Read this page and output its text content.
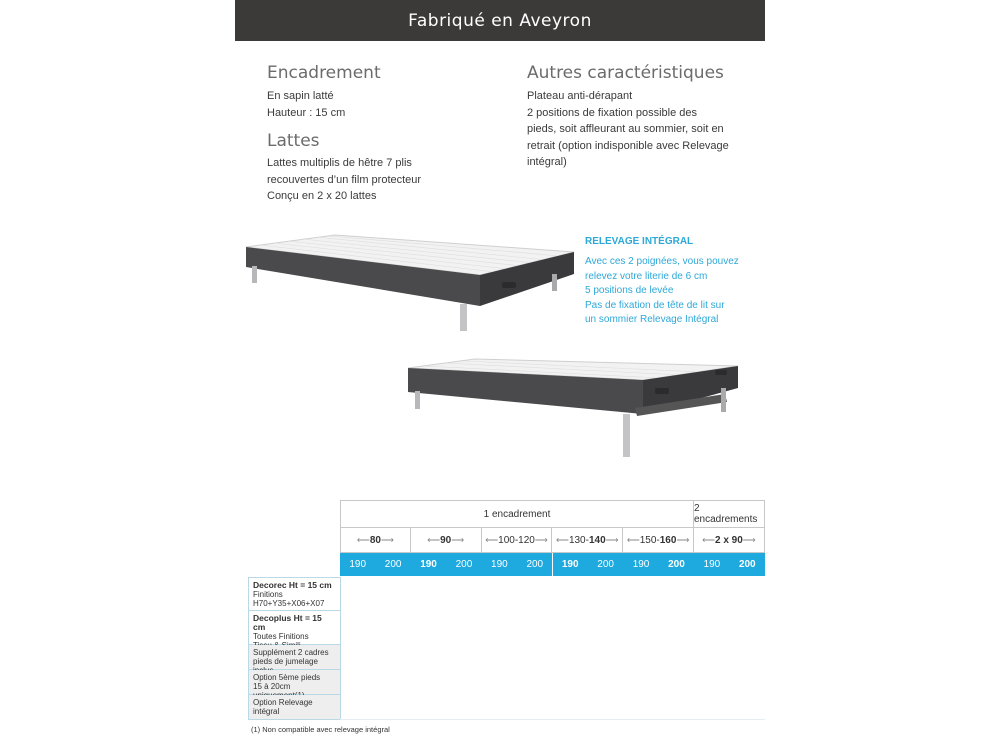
Fabriqué en Aveyron
Encadrement
En sapin latté
Hauteur : 15 cm
Lattes
Lattes multiplis de hêtre 7 plis
recouvertes d’un film protecteur
Conçu en 2 x 20 lattes
Autres caractéristiques
Plateau anti-dérapant
2 positions de fixation possible des
pieds, soit affleurant au sommier, soit en
retrait (option indisponible avec Relevage
intégral)
RELEVAGE INTÉGRAL
Avec ces 2 poignées, vous pouvez
relevez votre literie de 6 cm
5 positions de levée
Pas de fixation de tête de lit sur
un sommier Relevage Intégral
1 encadrement	2 encadrements
⟵ 80 ⟶	⟵ 90 ⟶ ⟵ 100-120 ⟶ ⟵ 130- 140 ⟶ ⟵ 150- 160 ⟶ ⟵ 2 x 90 ⟶
190	200	190	200	190	200	190	200	190	200	190	200
Decorec Ht = 15 cm
Finitions
H70+Y35+X06+X07
Decoplus Ht = 15 cm
Toutes Finitions
Supplément 2 cadres
pieds de jumelage
Option 5ème pieds
15 à 20cm
Option Relevage intégral
(1) Non compatible avec relevage intégral
